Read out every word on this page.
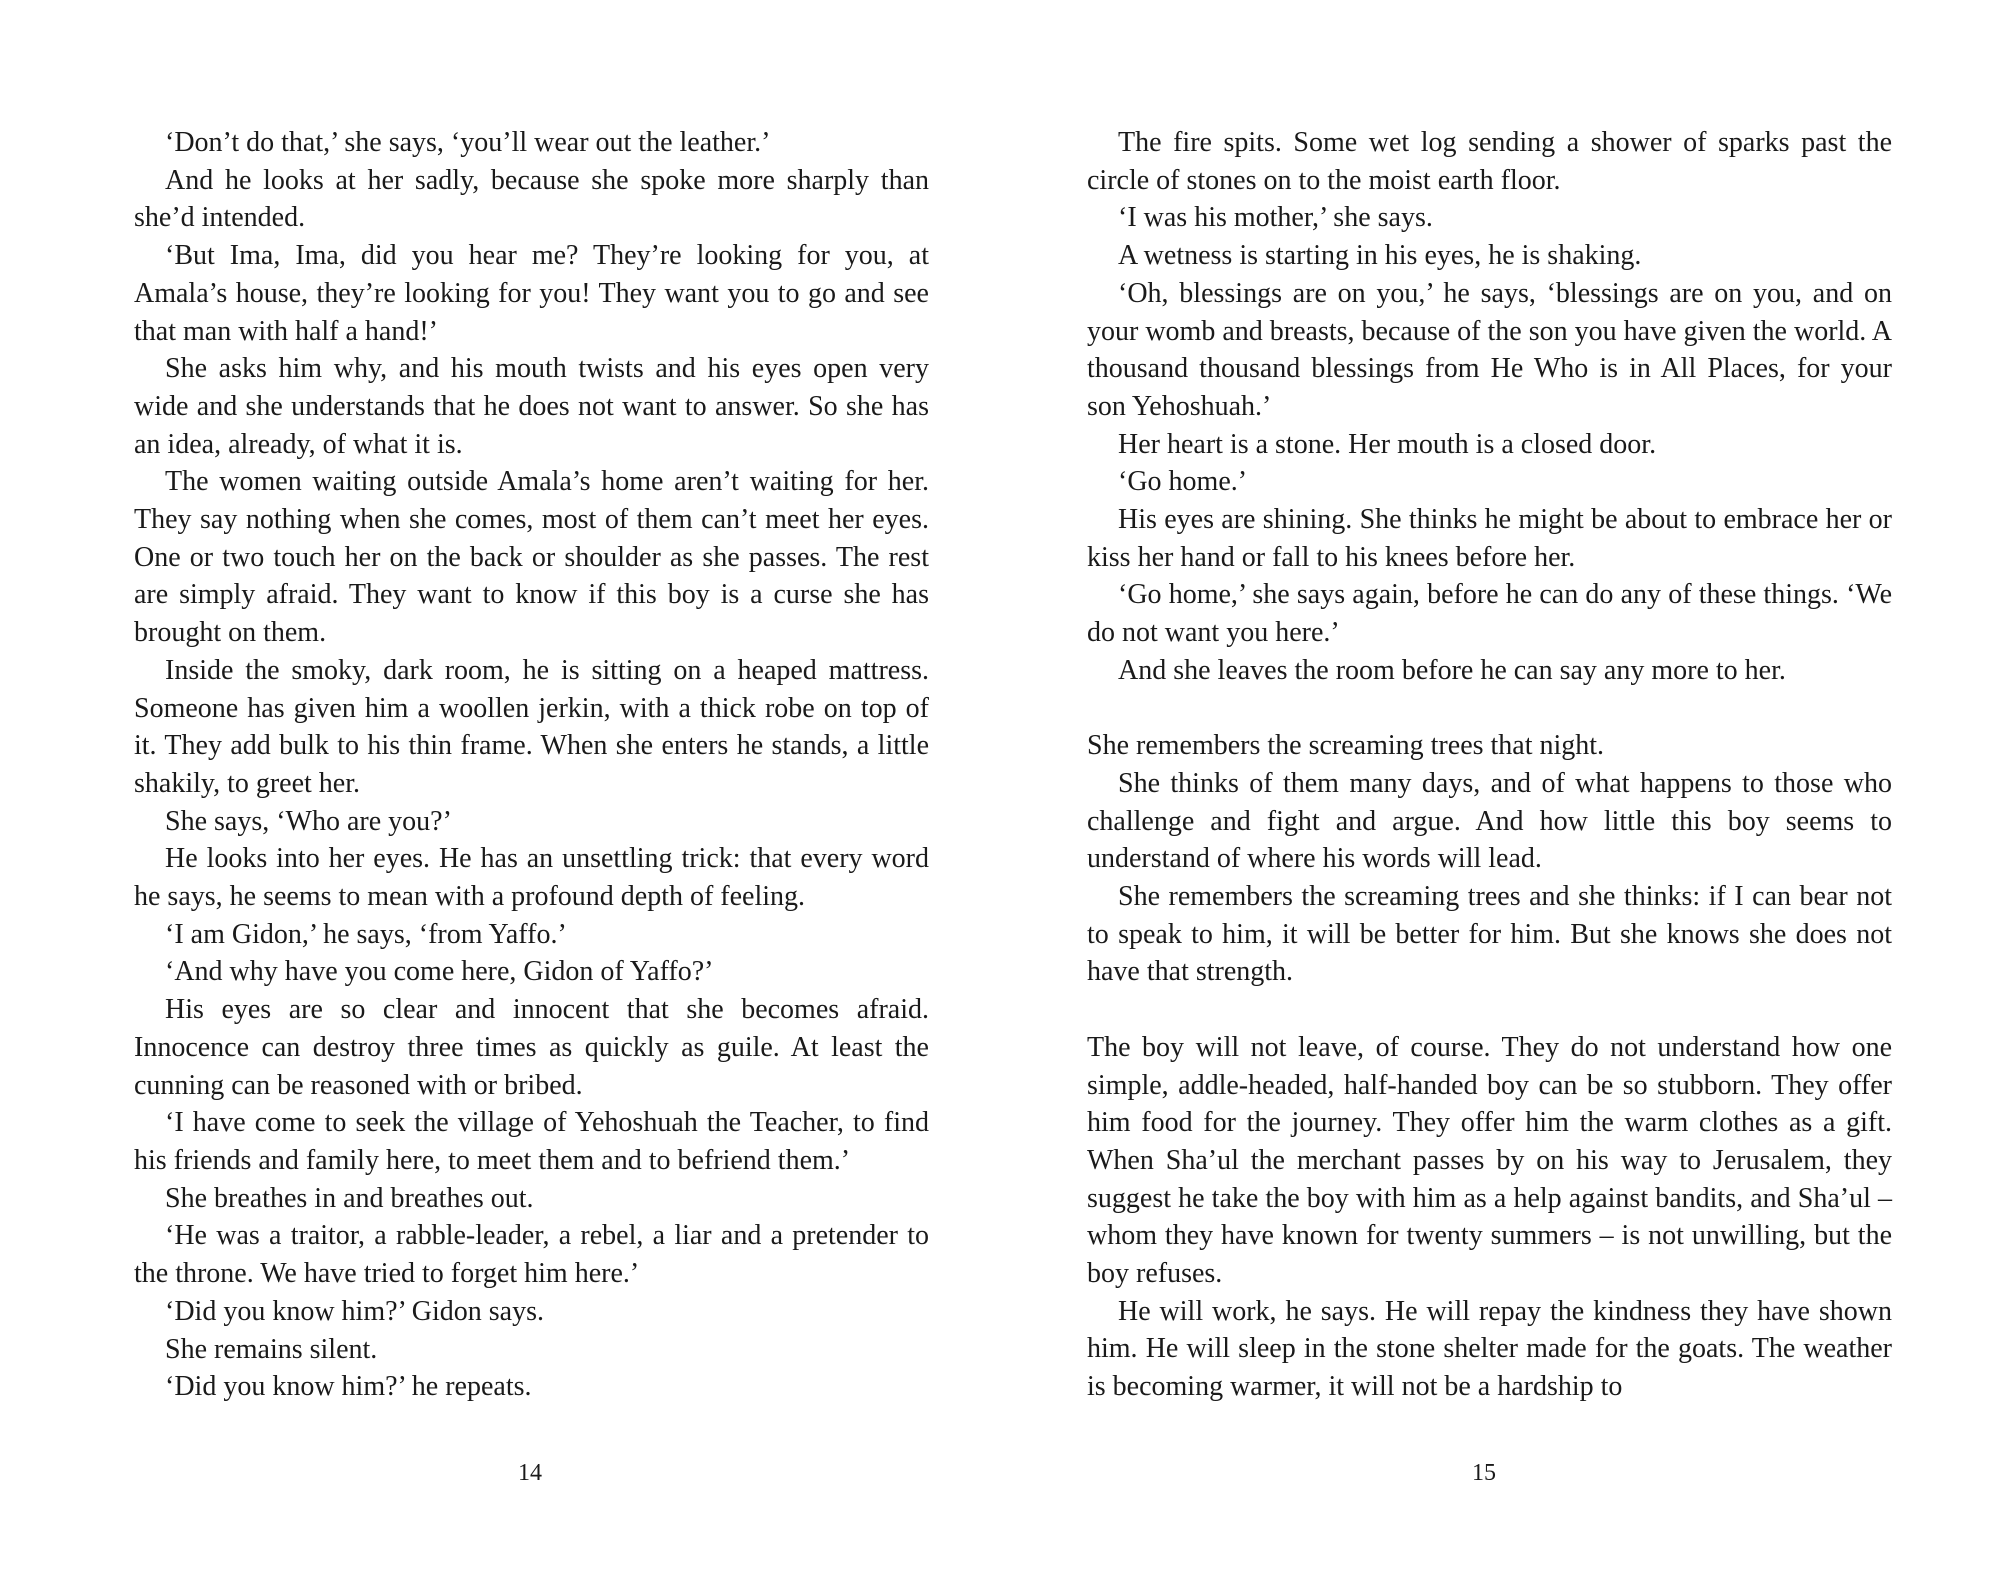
‘Don’t do that,’ she says, ‘you’ll wear out the leather.’

And he looks at her sadly, because she spoke more sharply than she’d intended.

‘But Ima, Ima, did you hear me? They’re looking for you, at Amala’s house, they’re looking for you! They want you to go and see that man with half a hand!’

She asks him why, and his mouth twists and his eyes open very wide and she understands that he does not want to answer. So she has an idea, already, of what it is.

The women waiting outside Amala’s home aren’t waiting for her. They say nothing when she comes, most of them can’t meet her eyes. One or two touch her on the back or shoulder as she passes. The rest are simply afraid. They want to know if this boy is a curse she has brought on them.

Inside the smoky, dark room, he is sitting on a heaped mattress. Someone has given him a woollen jerkin, with a thick robe on top of it. They add bulk to his thin frame. When she enters he stands, a little shakily, to greet her.

She says, ‘Who are you?’

He looks into her eyes. He has an unsettling trick: that every word he says, he seems to mean with a profound depth of feeling.

‘I am Gidon,’ he says, ‘from Yaffo.’

‘And why have you come here, Gidon of Yaffo?’

His eyes are so clear and innocent that she becomes afraid. Innocence can destroy three times as quickly as guile. At least the cunning can be reasoned with or bribed.

‘I have come to seek the village of Yehoshuah the Teacher, to find his friends and family here, to meet them and to befriend them.’

She breathes in and breathes out.

‘He was a traitor, a rabble-leader, a rebel, a liar and a pretender to the throne. We have tried to forget him here.’

‘Did you know him?’ Gidon says.

She remains silent.

‘Did you know him?’ he repeats.

14

The fire spits. Some wet log sending a shower of sparks past the circle of stones on to the moist earth floor.

‘I was his mother,’ she says.

A wetness is starting in his eyes, he is shaking.

‘Oh, blessings are on you,’ he says, ‘blessings are on you, and on your womb and breasts, because of the son you have given the world. A thousand thousand blessings from He Who is in All Places, for your son Yehoshuah.’

Her heart is a stone. Her mouth is a closed door.

‘Go home.’

His eyes are shining. She thinks he might be about to embrace her or kiss her hand or fall to his knees before her.

‘Go home,’ she says again, before he can do any of these things. ‘We do not want you here.’

And she leaves the room before he can say any more to her.

She remembers the screaming trees that night.

She thinks of them many days, and of what happens to those who challenge and fight and argue. And how little this boy seems to understand of where his words will lead.

She remembers the screaming trees and she thinks: if I can bear not to speak to him, it will be better for him. But she knows she does not have that strength.

The boy will not leave, of course. They do not understand how one simple, addle-headed, half-handed boy can be so stubborn. They offer him food for the journey. They offer him the warm clothes as a gift. When Sha’ul the merchant passes by on his way to Jerusalem, they suggest he take the boy with him as a help against bandits, and Sha’ul – whom they have known for twenty summers – is not unwilling, but the boy refuses.

He will work, he says. He will repay the kindness they have shown him. He will sleep in the stone shelter made for the goats. The weather is becoming warmer, it will not be a hardship to

15
